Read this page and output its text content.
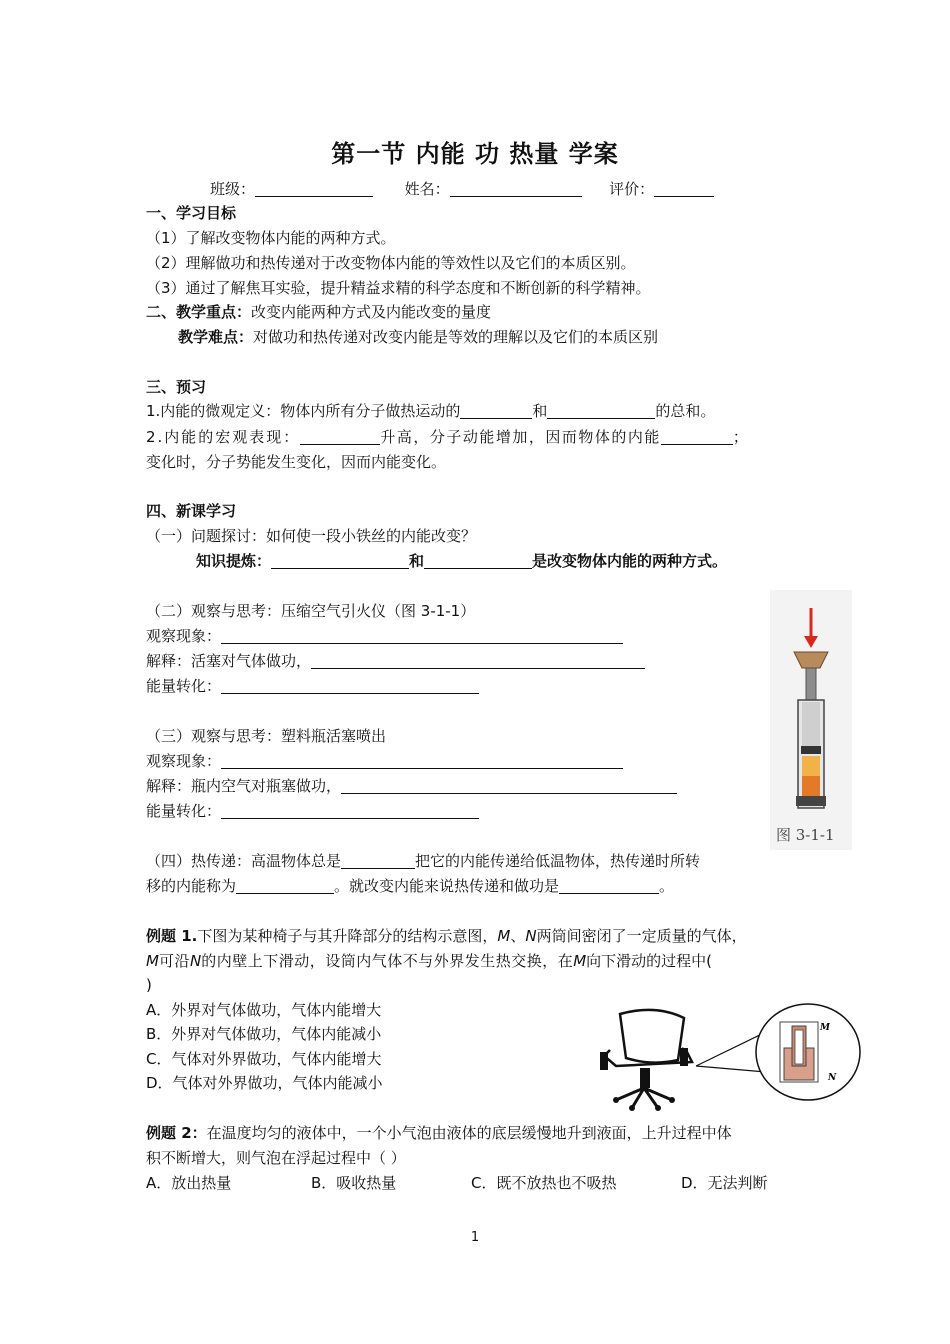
第一节 内能 功 热量 学案
班级：	姓名：	评价：
一、学习目标
（1）了解改变物体内能的两种方式。
（2）理解做功和热传递对于改变物体内能的等效性以及它们的本质区别。
（3）通过了解焦耳实验，提升精益求精的科学态度和不断创新的科学精神。
二、教学重点：改变内能两种方式及内能改变的量度
教学难点：对做功和热传递对改变内能是等效的理解以及它们的本质区别
三、预习
1.内能的微观定义：物体内所有分子做热运动的	和	的总和。
2.内能的宏观表现：	升高，分子动能增加，因而物体的内能	；
变化时，分子势能发生变化，因而内能变化。
四、新课学习
（一）问题探讨：如何使一段小铁丝的内能改变？
知识提炼：	和	是改变物体内能的两种方式。
（二）观察与思考：压缩空气引火仪（图 3-1-1）
观察现象：
解释：活塞对气体做功，
能量转化：
（三）观察与思考：塑料瓶活塞喷出
观察现象：
解释：瓶内空气对瓶塞做功，
能量转化：
（四）热传递：高温物体总是	把它的内能传递给低温物体，热传递时所转
移的内能称为	。就改变内能来说热传递和做功是	。
图 3-1-1
例题 1.下图为某种椅子与其升降部分的结构示意图，M、N两筒间密闭了一定质量的气体，
M可沿N的内壁上下滑动，设筒内气体不与外界发生热交换，在M向下滑动的过程中(
)
A．外界对气体做功，气体内能增大
B．外界对气体做功，气体内能减小
C．气体对外界做功，气体内能增大
D．气体对外界做功，气体内能减小
M
N
例题 2：在温度均匀的液体中，一个小气泡由液体的底层缓慢地升到液面，上升过程中体
积不断增大，则气泡在浮起过程中（ ）
A．放出热量	B．吸收热量	C．既不放热也不吸热	D．无法判断
1
